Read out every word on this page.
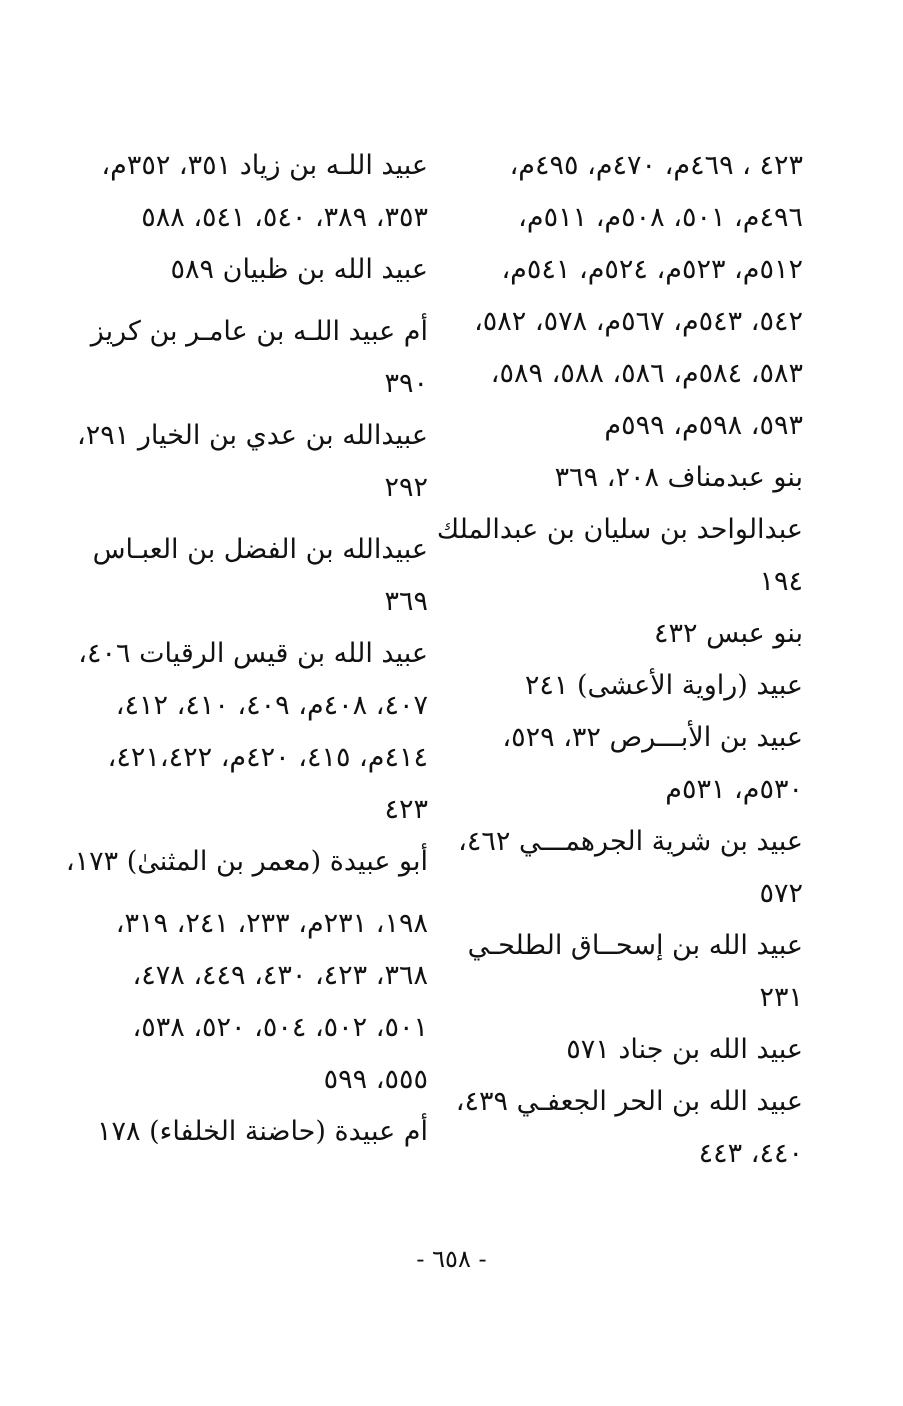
٤٢٣ ، ٤٦٩م، ٤٧٠م، ٤٩٥م،
٤٩٦م، ٥٠١، ٥٠٨م، ٥١١م،
٥١٢م، ٥٢٣م، ٥٢٤م، ٥٤١م،
٥٤٢، ٥٤٣م، ٥٦٧م، ٥٧٨، ٥٨٢،
٥٨٣، ٥٨٤م، ٥٨٦، ٥٨٨، ٥٨٩،
٥٩٣، ٥٩٨م، ٥٩٩م
بنو عبدمناف ٢٠٨، ٣٦٩
عبدالواحد بن سليان بن عبدالملك
١٩٤
بنو عبس ٤٣٢
عبيد (راوية الأعشى) ٢٤١
عبيد بن الأبـــرص ٣٢، ٥٢٩،
٥٣٠م، ٥٣١م
عبيد بن شرية الجرهمـــي ٤٦٢،
٥٧٢
عبيد الله بن إسحــاق الطلحـي
٢٣١
عبيد الله بن جناد ٥٧١
عبيد الله بن الحر الجعفـي ٤٣٩،
٤٤٠، ٤٤٣
عبيد اللـه بن زياد ٣٥١، ٣٥٢م،
٣٥٣، ٣٨٩، ٥٤٠، ٥٤١، ٥٨٨
عبيد الله بن ظبيان ٥٨٩
أم عبيد اللـه بن عامـر بن كريز
٣٩٠
عبيدالله بن عدي بن الخيار ٢٩١،
٢٩٢
عبيدالله بن الفضل بن العبـاس
٣٦٩
عبيد الله بن قيس الرقيات ٤٠٦،
٤٠٧، ٤٠٨م، ٤٠٩، ٤١٠، ٤١٢،
٤١٤م، ٤١٥، ٤٢٠م، ٤٢١،٤٢٢،
٤٢٣
أبو عبيدة (معمر بن المثنىٰ) ١٧٣،
١٩٨، ٢٣١م، ٢٣٣، ٢٤١، ٣١٩،
٣٦٨، ٤٢٣، ٤٣٠، ٤٤٩، ٤٧٨،
٥٠١، ٥٠٢، ٥٠٤، ٥٢٠، ٥٣٨،
٥٥٥، ٥٩٩
أم عبيدة (حاضنة الخلفاء) ١٧٨
- ٦٥٨ -
